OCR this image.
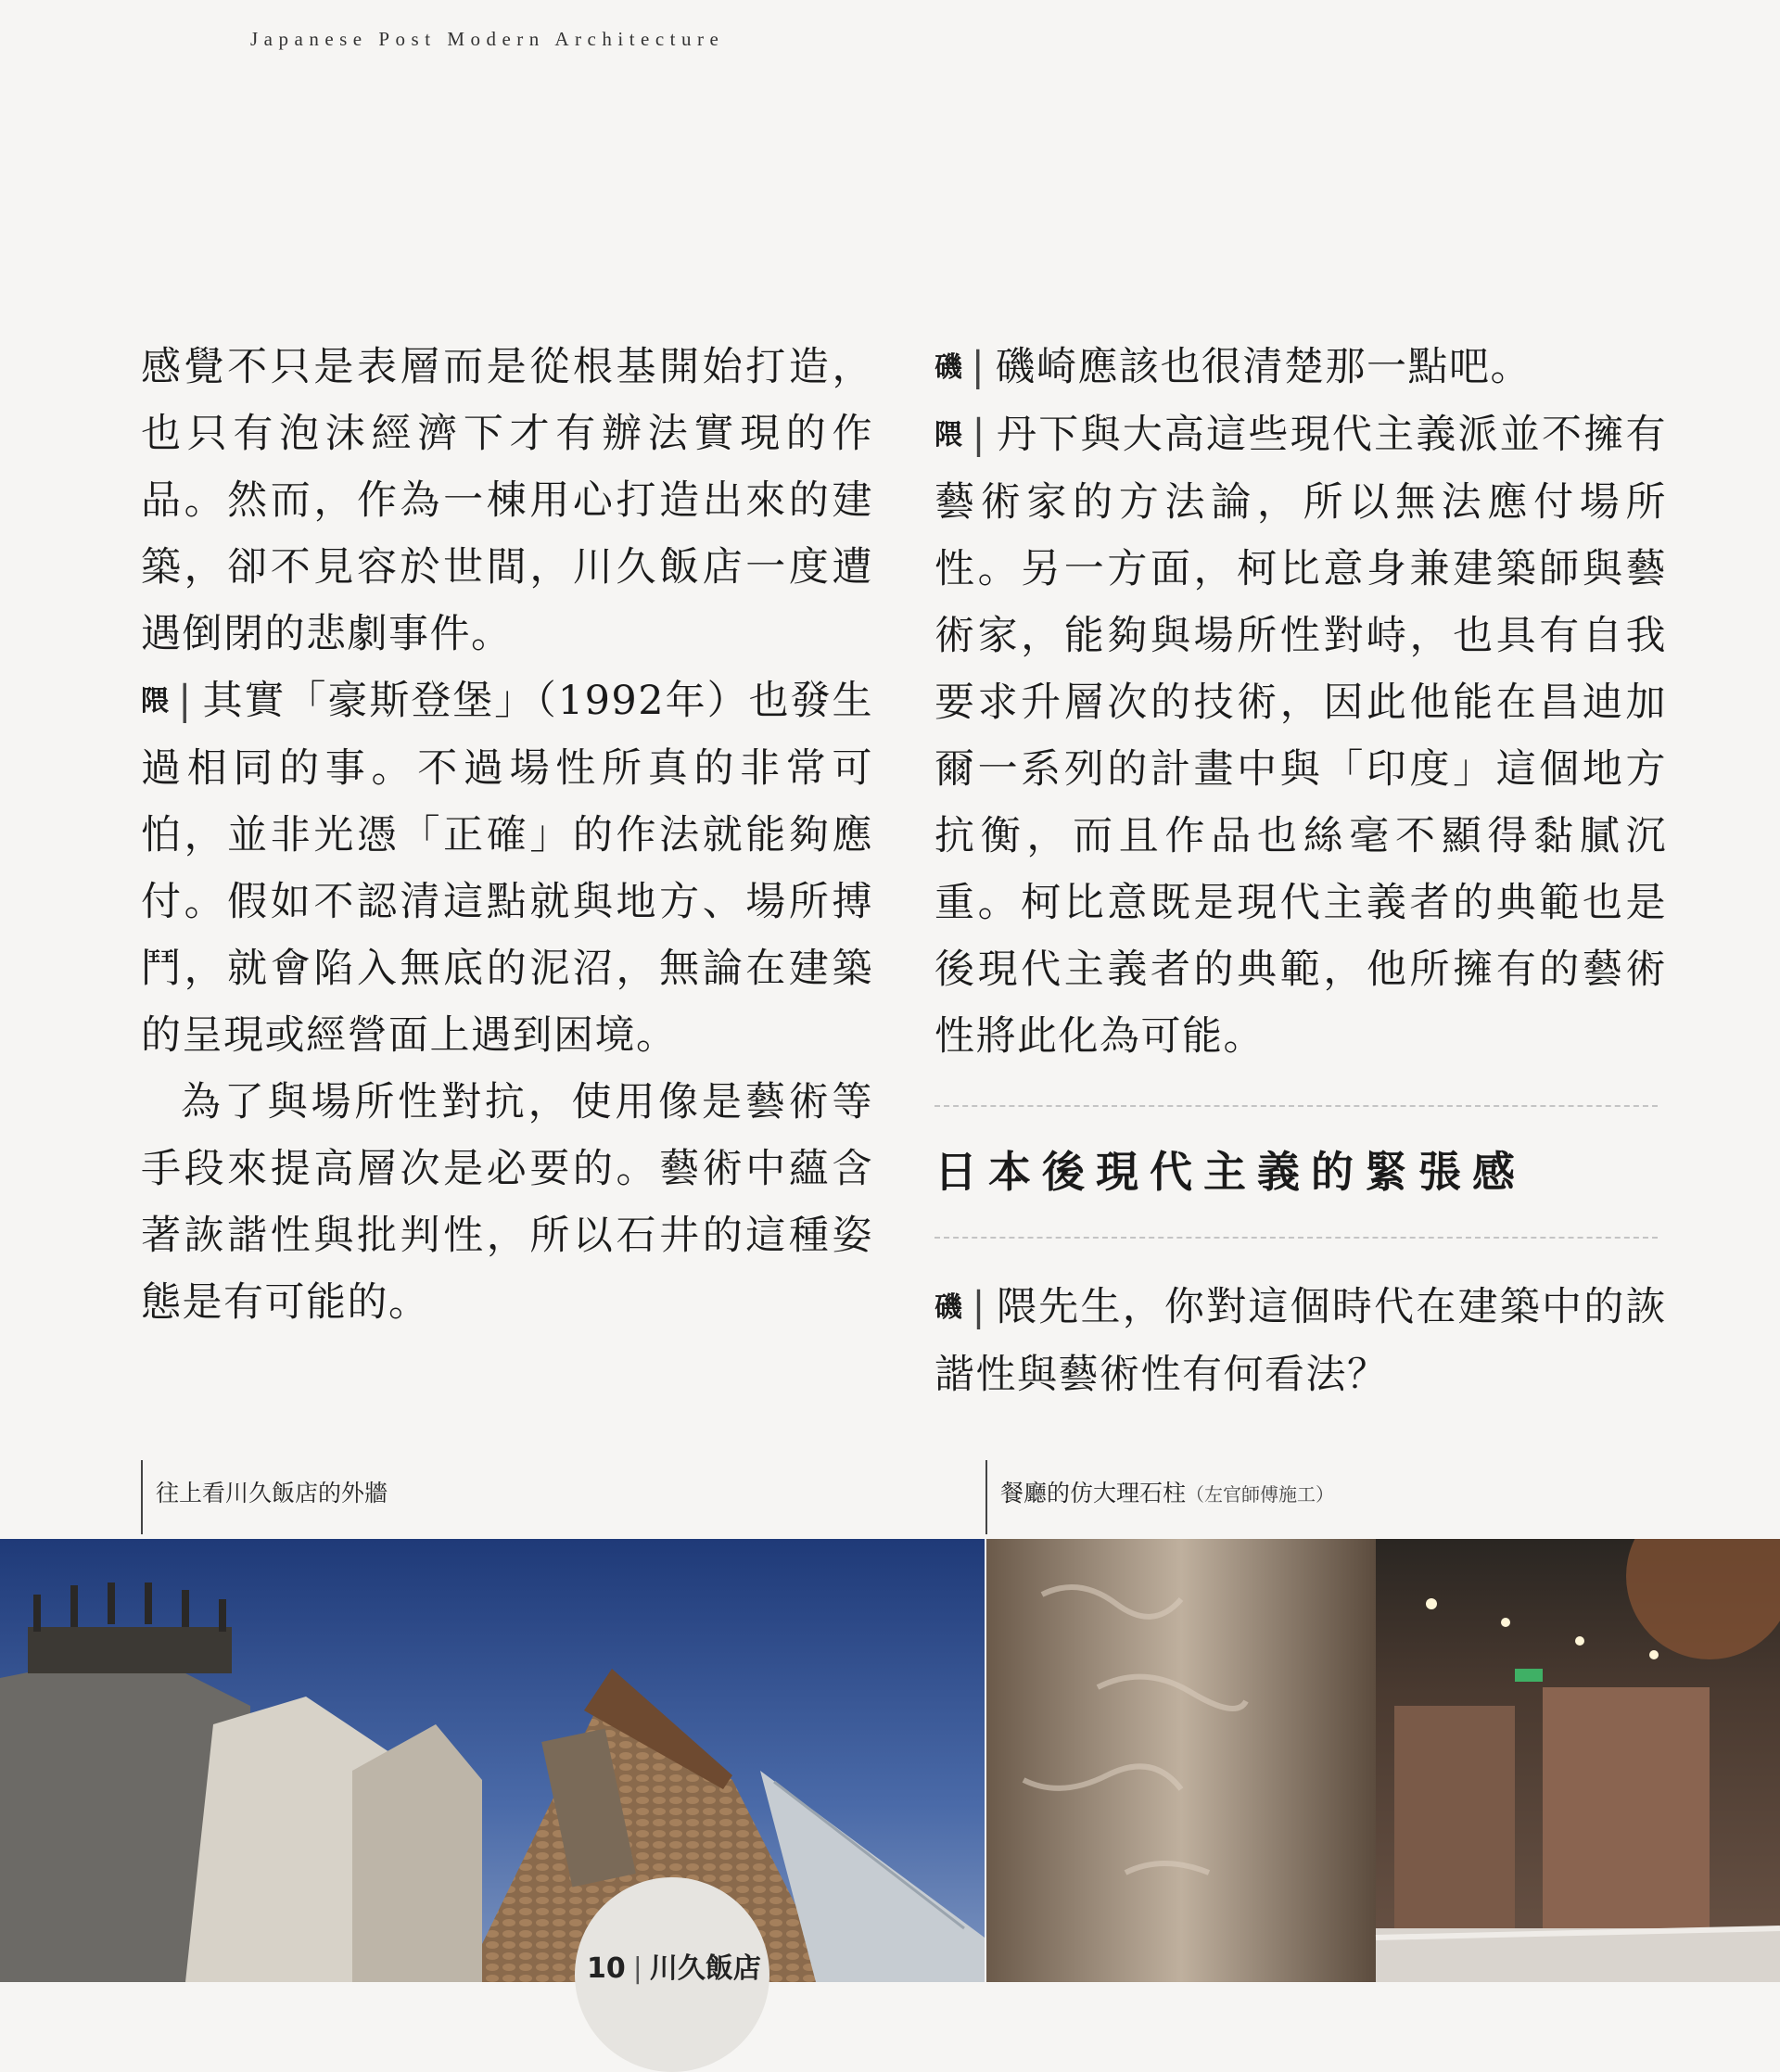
Japanese Post Modern Architecture

感覺不只是表層而是從根基開始打造，也只有泡沫經濟下才有辦法實現的作品。然而，作為一棟用心打造出來的建築，卻不見容於世間，川久飯店一度遭遇倒閉的悲劇事件。

隈 | 其實「豪斯登堡」（1992年）也發生過相同的事。不過場性所真的非常可怕，並非光憑「正確」的作法就能夠應付。假如不認清這點就與地方、場所搏鬥，就會陷入無底的泥沼，無論在建築的呈現或經營面上遇到困境。

為了與場所性對抗，使用像是藝術等手段來提高層次是必要的。藝術中蘊含著詼諧性與批判性，所以石井的這種姿態是有可能的。

磯 | 磯崎應該也很清楚那一點吧。

隈 | 丹下與大高這些現代主義派並不擁有藝術家的方法論，所以無法應付場所性。另一方面，柯比意身兼建築師與藝術家，能夠與場所性對峙，也具有自我要求升層次的技術，因此他能在昌迪加爾一系列的計畫中與「印度」這個地方抗衡，而且作品也絲毫不顯得黏膩沉重。柯比意既是現代主義者的典範也是後現代主義者的典範，他所擁有的藝術性將此化為可能。

日本後現代主義的緊張感

磯 | 隈先生，你對這個時代在建築中的詼諧性與藝術性有何看法？

往上看川久飯店的外牆	餐廳的仿大理石柱（左官師傅施工）
10 | 川久飯店
